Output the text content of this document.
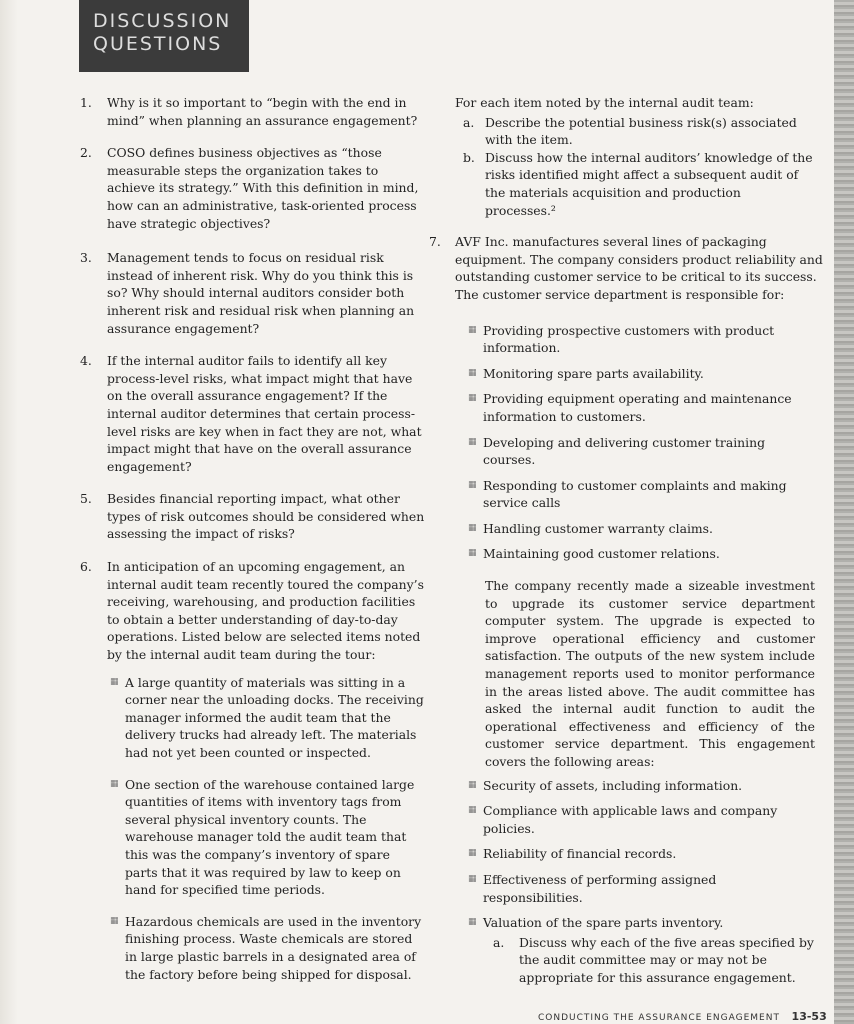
DISCUSSION
QUESTIONS
1. Why is it so important to “begin with the end in mind” when planning an assurance engagement?
2. COSO defines business objectives as “those measurable steps the organization takes to achieve its strategy.” With this definition in mind, how can an administrative, task-oriented process have strategic objectives?
3. Management tends to focus on residual risk instead of inherent risk. Why do you think this is so? Why should internal auditors consider both inherent risk and residual risk when planning an assurance engagement?
4. If the internal auditor fails to identify all key process-level risks, what impact might that have on the overall assurance engagement? If the internal auditor determines that certain process-level risks are key when in fact they are not, what impact might that have on the overall assurance engagement?
5. Besides financial reporting impact, what other types of risk outcomes should be considered when assessing the impact of risks?
6. In anticipation of an upcoming engagement, an internal audit team recently toured the company’s receiving, warehousing, and production facilities to obtain a better understanding of day-to-day operations. Listed below are selected items noted by the internal audit team during the tour:
▦ A large quantity of materials was sitting in a corner near the unloading docks. The receiving manager informed the audit team that the delivery trucks had already left. The materials had not yet been counted or inspected.
▦ One section of the warehouse contained large quantities of items with inventory tags from several physical inventory counts. The warehouse manager told the audit team that this was the company’s inventory of spare parts that it was required by law to keep on hand for specified time periods.
▦ Hazardous chemicals are used in the inventory finishing process. Waste chemicals are stored in large plastic barrels in a designated area of the factory before being shipped for disposal.
For each item noted by the internal audit team:
a. Describe the potential business risk(s) associated with the item.
b. Discuss how the internal auditors’ knowledge of the risks identified might affect a subsequent audit of the materials acquisition and production processes.²
7. AVF Inc. manufactures several lines of packaging equipment. The company considers product reliability and outstanding customer service to be critical to its success. The customer service department is responsible for:
▦ Providing prospective customers with product information.
▦ Monitoring spare parts availability.
▦ Providing equipment operating and maintenance information to customers.
▦ Developing and delivering customer training courses.
▦ Responding to customer complaints and making service calls
▦ Handling customer warranty claims.
▦ Maintaining good customer relations.
The company recently made a sizeable investment to upgrade its customer service department computer system. The upgrade is expected to improve operational efficiency and customer satisfaction. The outputs of the new system include management reports used to monitor performance in the areas listed above. The audit committee has asked the internal audit function to audit the operational effectiveness and efficiency of the customer service department. This engagement covers the following areas:
▦ Security of assets, including information.
▦ Compliance with applicable laws and company policies.
▦ Reliability of financial records.
▦ Effectiveness of performing assigned responsibilities.
▦ Valuation of the spare parts inventory.
a. Discuss why each of the five areas specified by the audit committee may or may not be appropriate for this assurance engagement.
CONDUCTING THE ASSURANCE ENGAGEMENT 13-53
